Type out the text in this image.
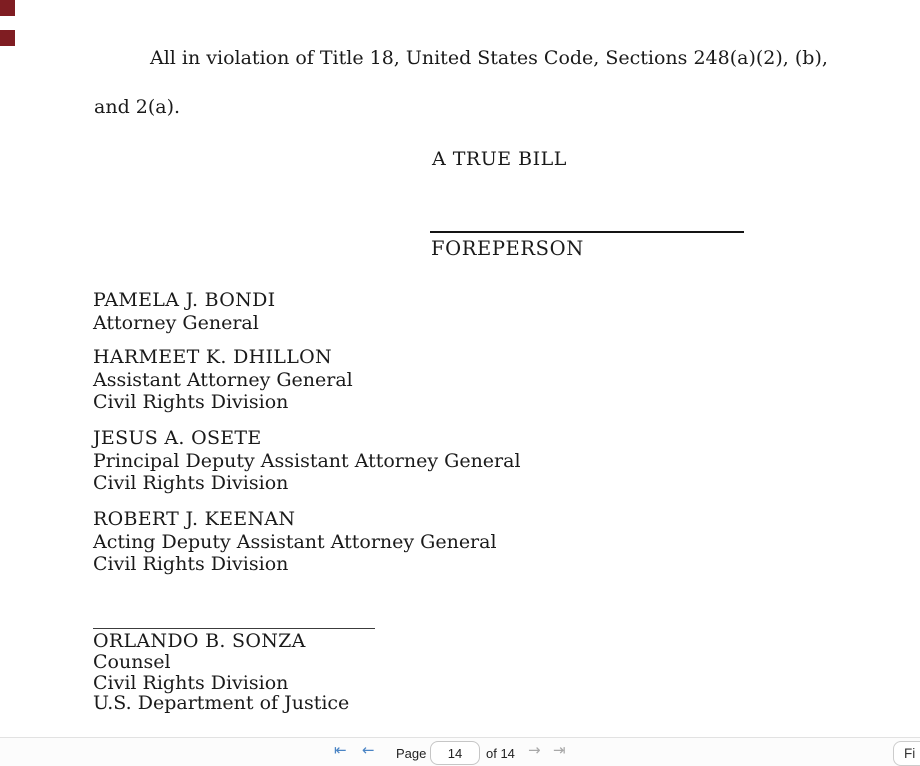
All in violation of Title 18, United States Code, Sections 248(a)(2), (b),
and 2(a).
A TRUE BILL
FOREPERSON
PAMELA J. BONDI
Attorney General
HARMEET K. DHILLON
Assistant Attorney General
Civil Rights Division
JESUS A. OSETE
Principal Deputy Assistant Attorney General
Civil Rights Division
ROBERT J. KEENAN
Acting Deputy Assistant Attorney General
Civil Rights Division
ORLANDO B. SONZA
Counsel
Civil Rights Division
U.S. Department of Justice
⇤ ← Page
14	of 14 → ⇥	Fi
